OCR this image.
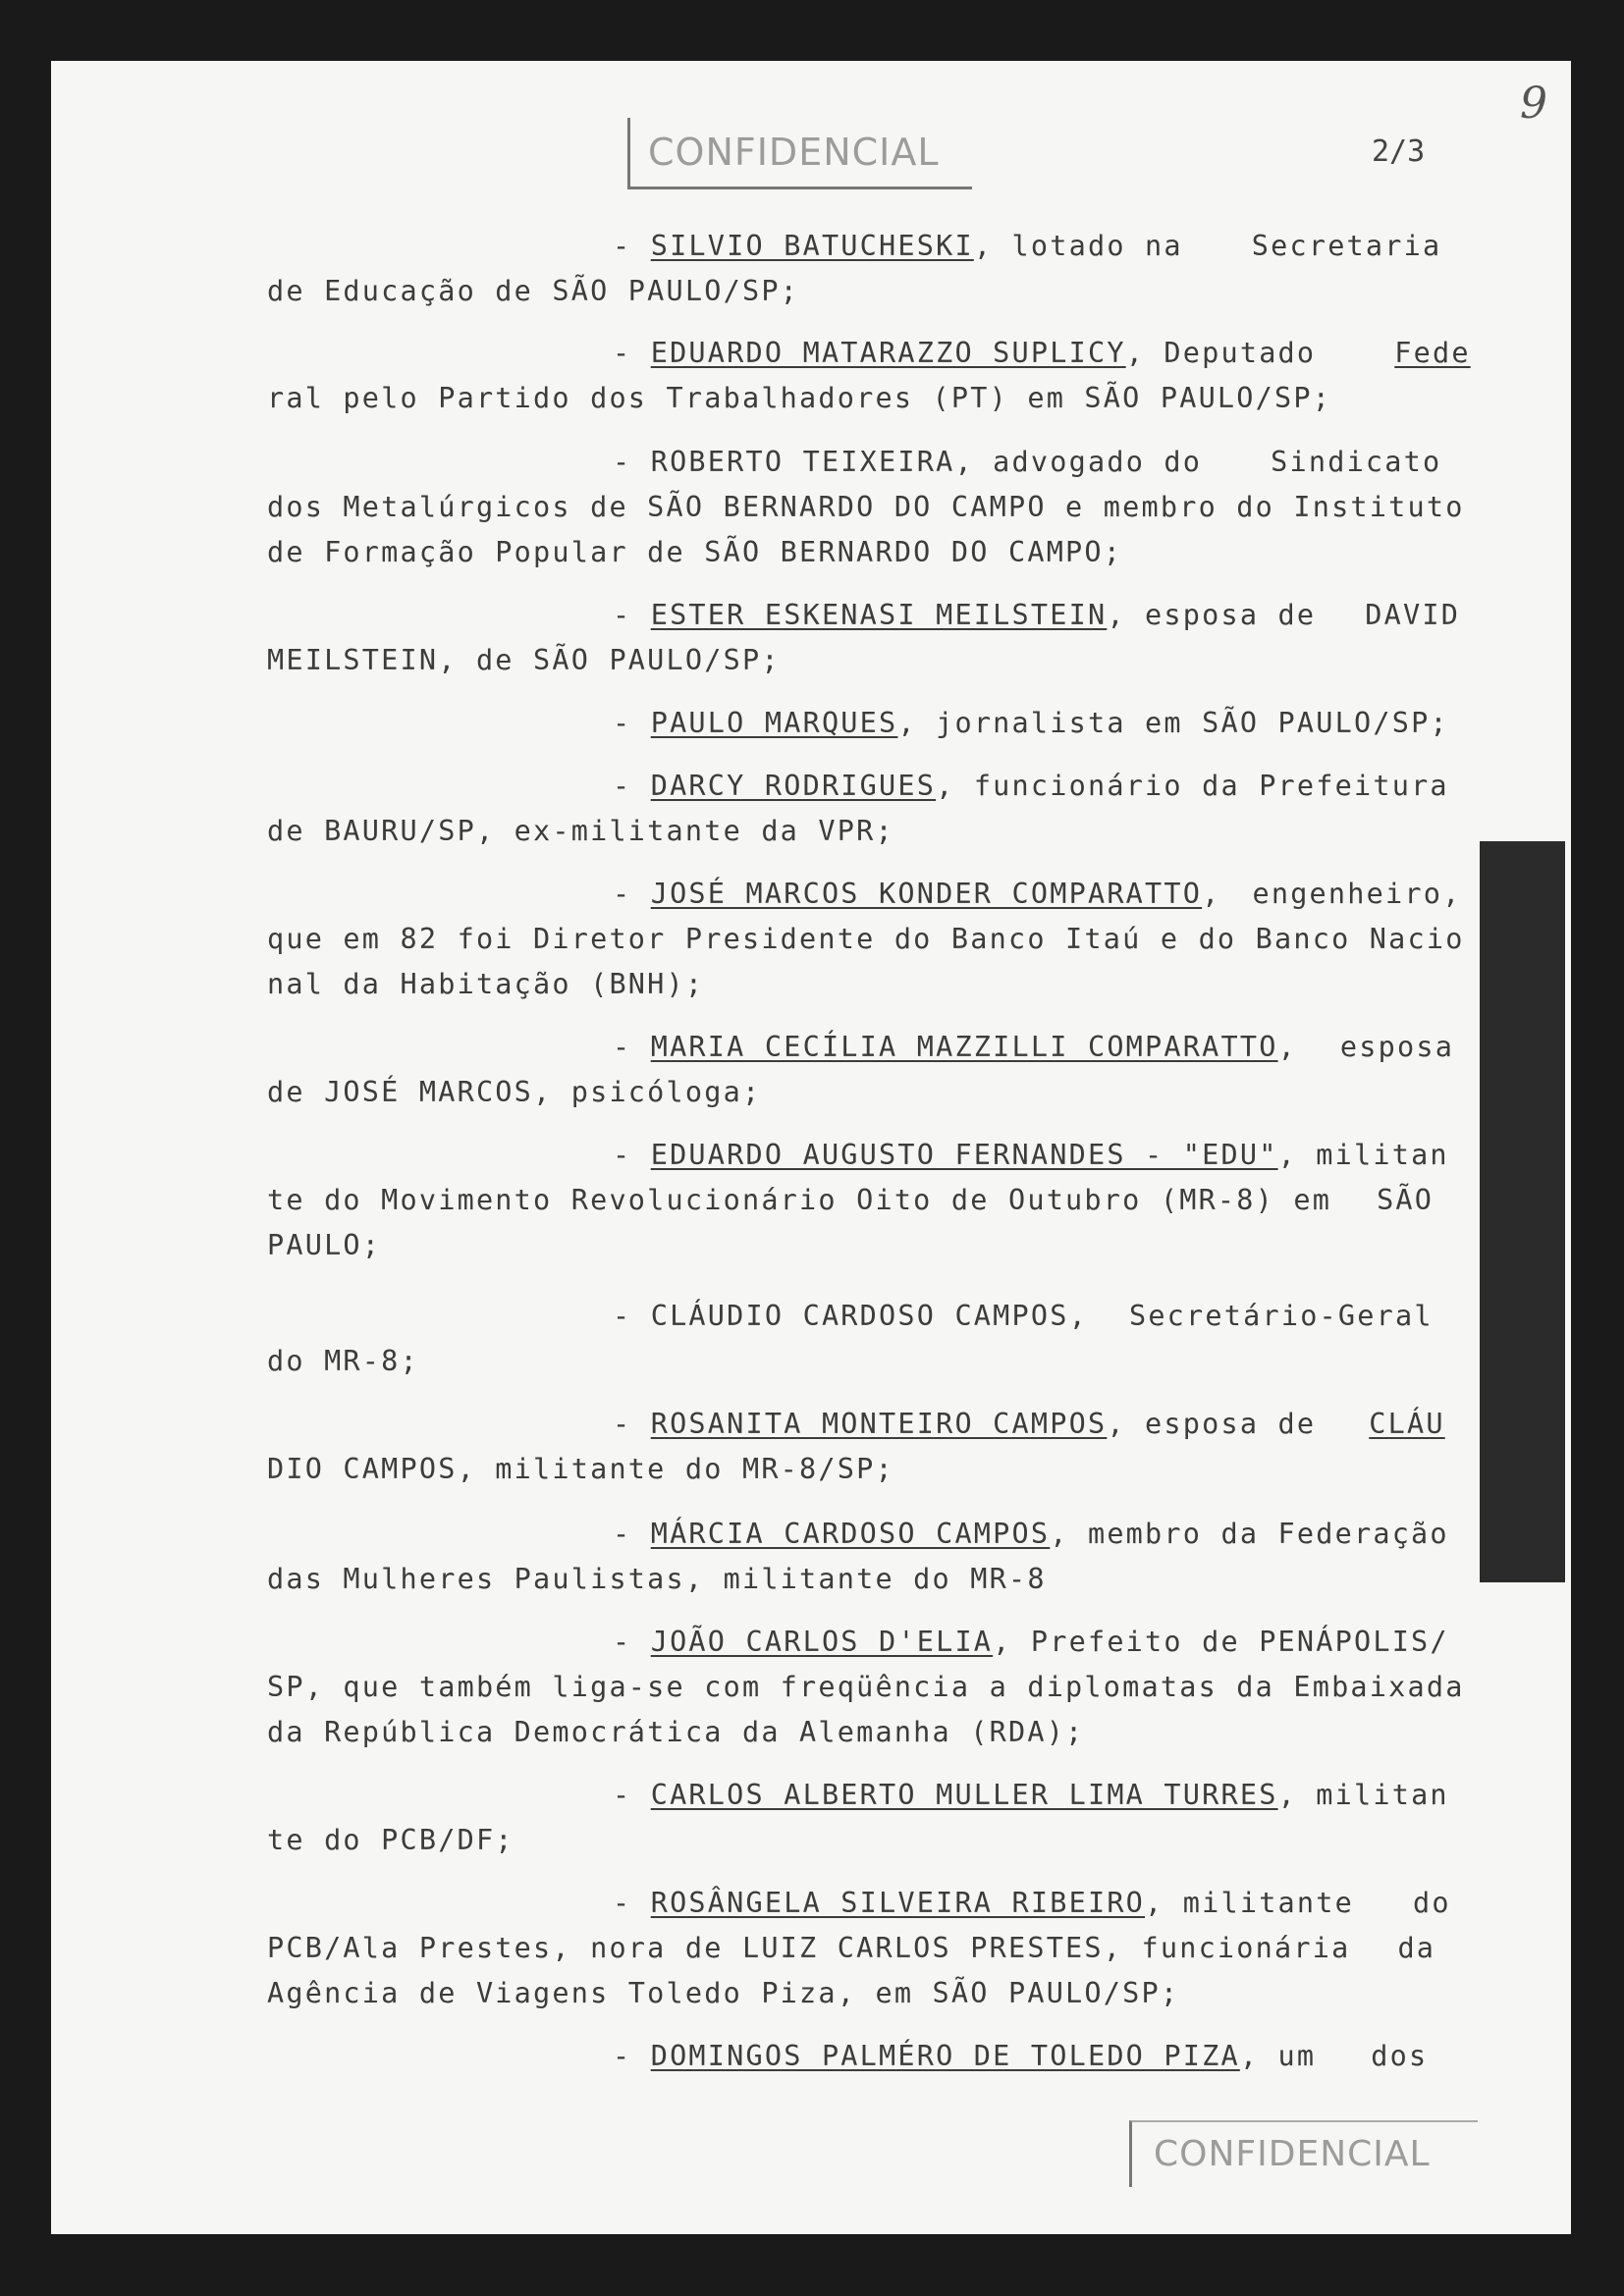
CONFIDENCIAL	2/3
9
- SILVIO BATUCHESKI, lotado na Secretaria
de Educação de SÃO PAULO/SP;
- EDUARDO MATARAZZO SUPLICY, Deputado	Fede
ral pelo Partido dos Trabalhadores (PT) em SÃO PAULO/SP;
- ROBERTO TEIXEIRA, advogado do Sindicato
dos Metalúrgicos de SÃO BERNARDO DO CAMPO e membro do Instituto
de Formação Popular de SÃO BERNARDO DO CAMPO;
- ESTER ESKENASI MEILSTEIN, esposa de DAVID
MEILSTEIN, de SÃO PAULO/SP;
- PAULO MARQUES, jornalista em SÃO PAULO/SP;
- DARCY RODRIGUES, funcionário da Prefeitura
de BAURU/SP, ex-militante da VPR;
- JOSÉ MARCOS KONDER COMPARATTO, engenheiro,
que em 82 foi Diretor Presidente do Banco Itaú e do Banco Nacio
nal da Habitação (BNH);
- MARIA CECÍLIA MAZZILLI COMPARATTO, esposa
de JOSÉ MARCOS, psicóloga;
- EDUARDO AUGUSTO FERNANDES - "EDU", militan
te do Movimento Revolucionário Oito de Outubro (MR-8) em SÃO
PAULO;
- CLÁUDIO CARDOSO CAMPOS, Secretário-Geral
do MR-8;
- ROSANITA MONTEIRO CAMPOS, esposa de CLÁU
DIO CAMPOS, militante do MR-8/SP;
- MÁRCIA CARDOSO CAMPOS, membro da Federação
das Mulheres Paulistas, militante do MR-8
- JOÃO CARLOS D'ELIA, Prefeito de PENÁPOLIS/
SP, que também liga-se com freqüência a diplomatas da Embaixada
da República Democrática da Alemanha (RDA);
- CARLOS ALBERTO MULLER LIMA TURRES, militan
te do PCB/DF;
- ROSÂNGELA SILVEIRA RIBEIRO, militante do
PCB/Ala Prestes, nora de LUIZ CARLOS PRESTES, funcionária da
Agência de Viagens Toledo Piza, em SÃO PAULO/SP;
- DOMINGOS PALMÉRO DE TOLEDO PIZA, um dos
CONFIDENCIAL
